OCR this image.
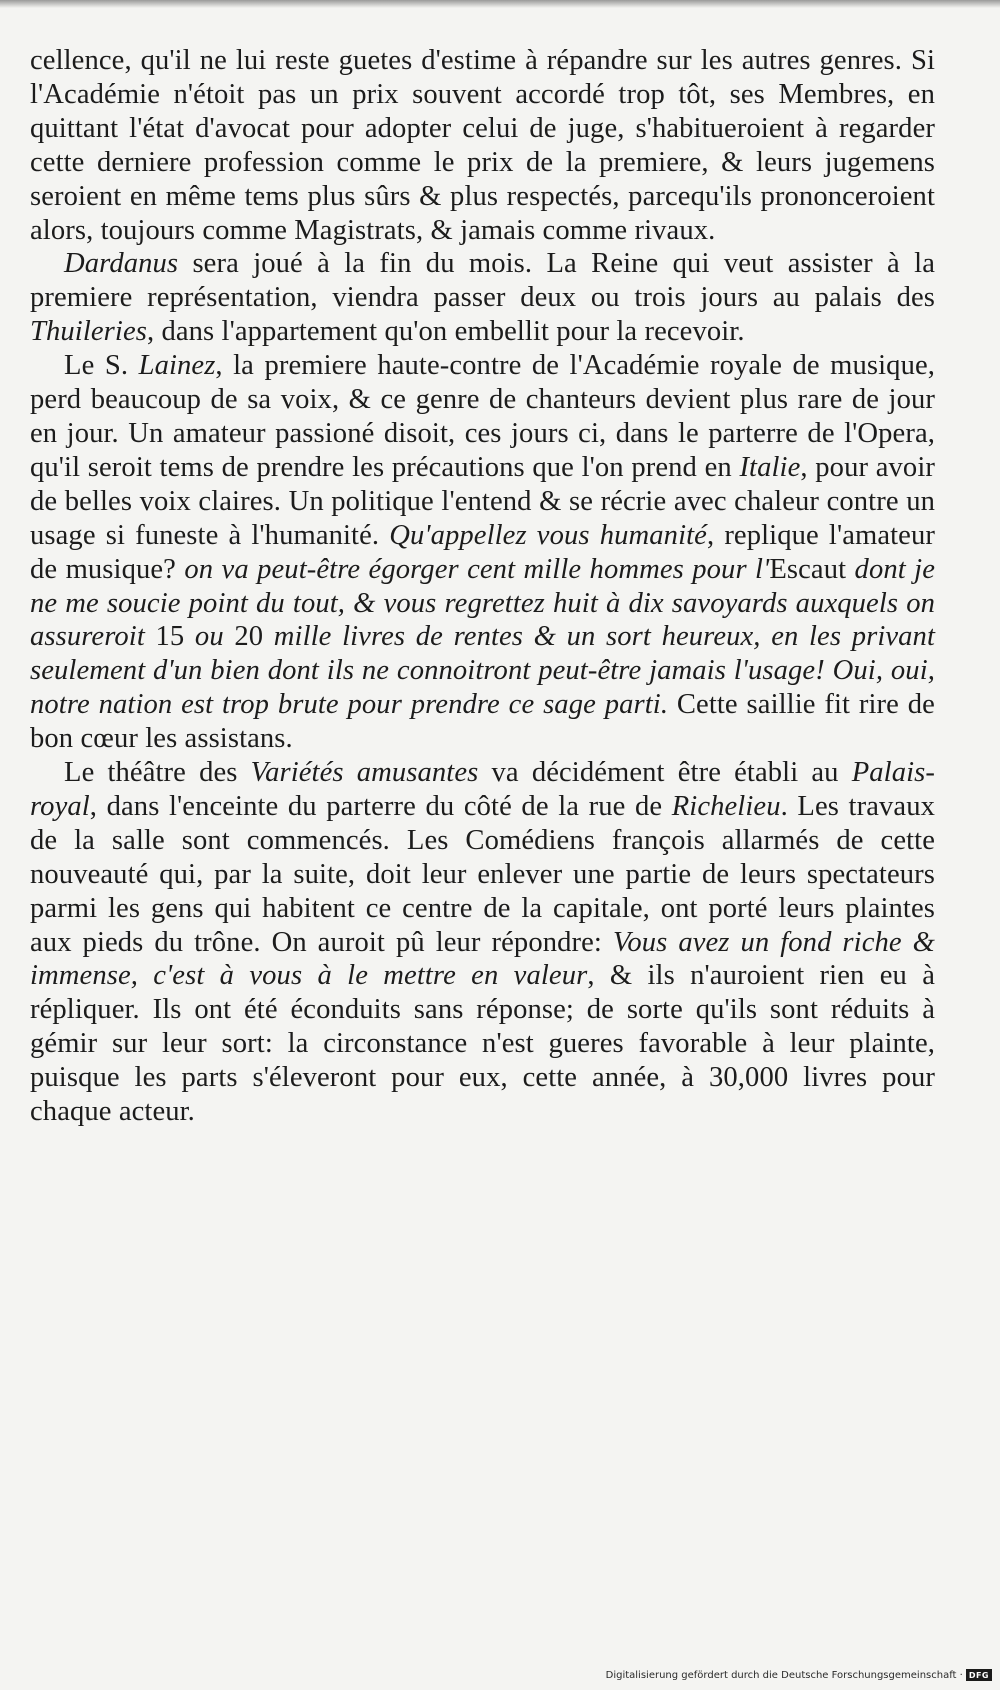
cellence, qu'il ne lui reste guetes d'estime à répandre sur les autres genres. Si l'Académie n'étoit pas un prix souvent accordé trop tôt, ses Membres, en quittant l'état d'avocat pour adopter celui de juge, s'habitueroient à regarder cette derniere profession comme le prix de la premiere, & leurs jugemens seroient en même tems plus sûrs & plus respectés, parcequ'ils prononceroient alors, toujours comme Magistrats, & jamais comme rivaux.

Dardanus sera joué à la fin du mois. La Reine qui veut assister à la premiere représentation, viendra passer deux ou trois jours au palais des Thuileries, dans l'appartement qu'on embellit pour la recevoir.

Le S. Lainez, la premiere haute-contre de l'Académie royale de musique, perd beaucoup de sa voix, & ce genre de chanteurs devient plus rare de jour en jour. Un amateur passioné disoit, ces jours ci, dans le parterre de l'Opera, qu'il seroit tems de prendre les précautions que l'on prend en Italie, pour avoir de belles voix claires. Un politique l'entend & se récrie avec chaleur contre un usage si funeste à l'humanité. Qu'appellez vous humanité, replique l'amateur de musique? on va peut-être égorger cent mille hommes pour l'Escaut dont je ne me soucie point du tout, & vous regrettez huit à dix savoyards auxquels on assureroit 15 ou 20 mille livres de rentes & un sort heureux, en les privant seulement d'un bien dont ils ne connoitront peut-être jamais l'usage! Oui, oui, notre nation est trop brute pour prendre ce sage parti. Cette saillie fit rire de bon cœur les assistans.

Le théâtre des Variétés amusantes va décidément être établi au Palais-royal, dans l'enceinte du parterre du côté de la rue de Richelieu. Les travaux de la salle sont commencés. Les Comédiens françois allarmés de cette nouveauté qui, par la suite, doit leur enlever une partie de leurs spectateurs parmi les gens qui habitent ce centre de la capitale, ont porté leurs plaintes aux pieds du trône. On auroit pû leur répondre: Vous avez un fond riche & immense, c'est à vous à le mettre en valeur, & ils n'auroient rien eu à répliquer. Ils ont été éconduits sans réponse; de sorte qu'ils sont réduits à gémir sur leur sort: la circonstance n'est gueres favorable à leur plainte, puisque les parts s'éleveront pour eux, cette année, à 30,000 livres pour chaque acteur.

Digitalisierung gefördert durch die Deutsche Forschungsgemeinschaft · DFG
